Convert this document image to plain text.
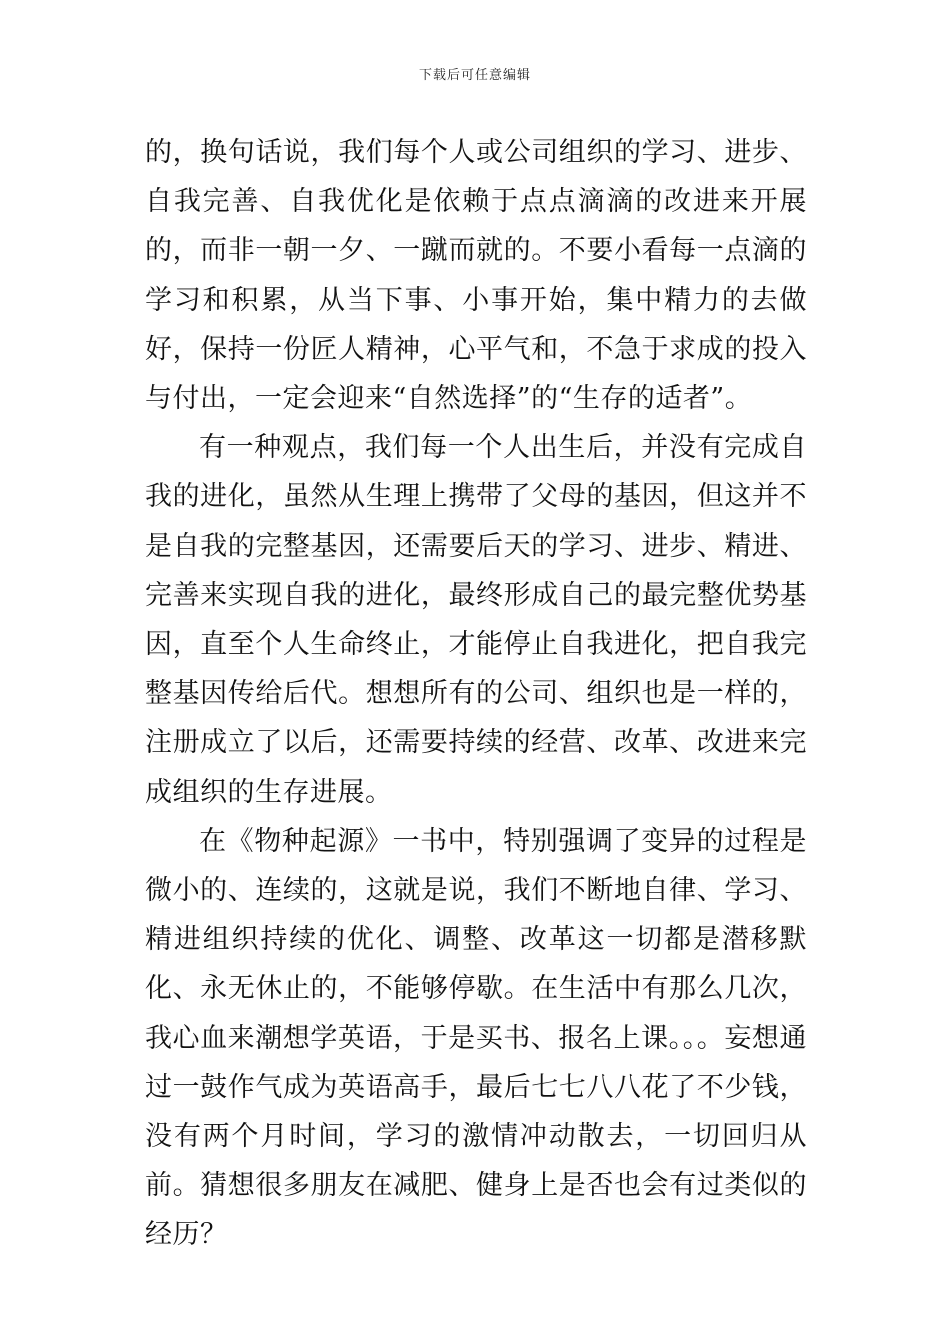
下载后可任意编辑

的，换句话说，我们每个人或公司组织的学习、进步、自我完善、自我优化是依赖于点点滴滴的改进来开展的，而非一朝一夕、一蹴而就的。不要小看每一点滴的学习和积累，从当下事、小事开始，集中精力的去做好，保持一份匠人精神，心平气和，不急于求成的投入与付出，一定会迎来“自然选择”的“生存的适者”。

有一种观点，我们每一个人出生后，并没有完成自我的进化，虽然从生理上携带了父母的基因，但这并不是自我的完整基因，还需要后天的学习、进步、精进、完善来实现自我的进化，最终形成自己的最完整优势基因，直至个人生命终止，才能停止自我进化，把自我完整基因传给后代。想想所有的公司、组织也是一样的，注册成立了以后，还需要持续的经营、改革、改进来完成组织的生存进展。

在《物种起源》一书中，特别强调了变异的过程是微小的、连续的，这就是说，我们不断地自律、学习、精进组织持续的优化、调整、改革这一切都是潜移默化、永无休止的，不能够停歇。在生活中有那么几次，我心血来潮想学英语，于是买书、报名上课。。。妄想通过一鼓作气成为英语高手，最后七七八八花了不少钱，没有两个月时间，学习的激情冲动散去，一切回归从前。猜想很多朋友在减肥、健身上是否也会有过类似的经历？
